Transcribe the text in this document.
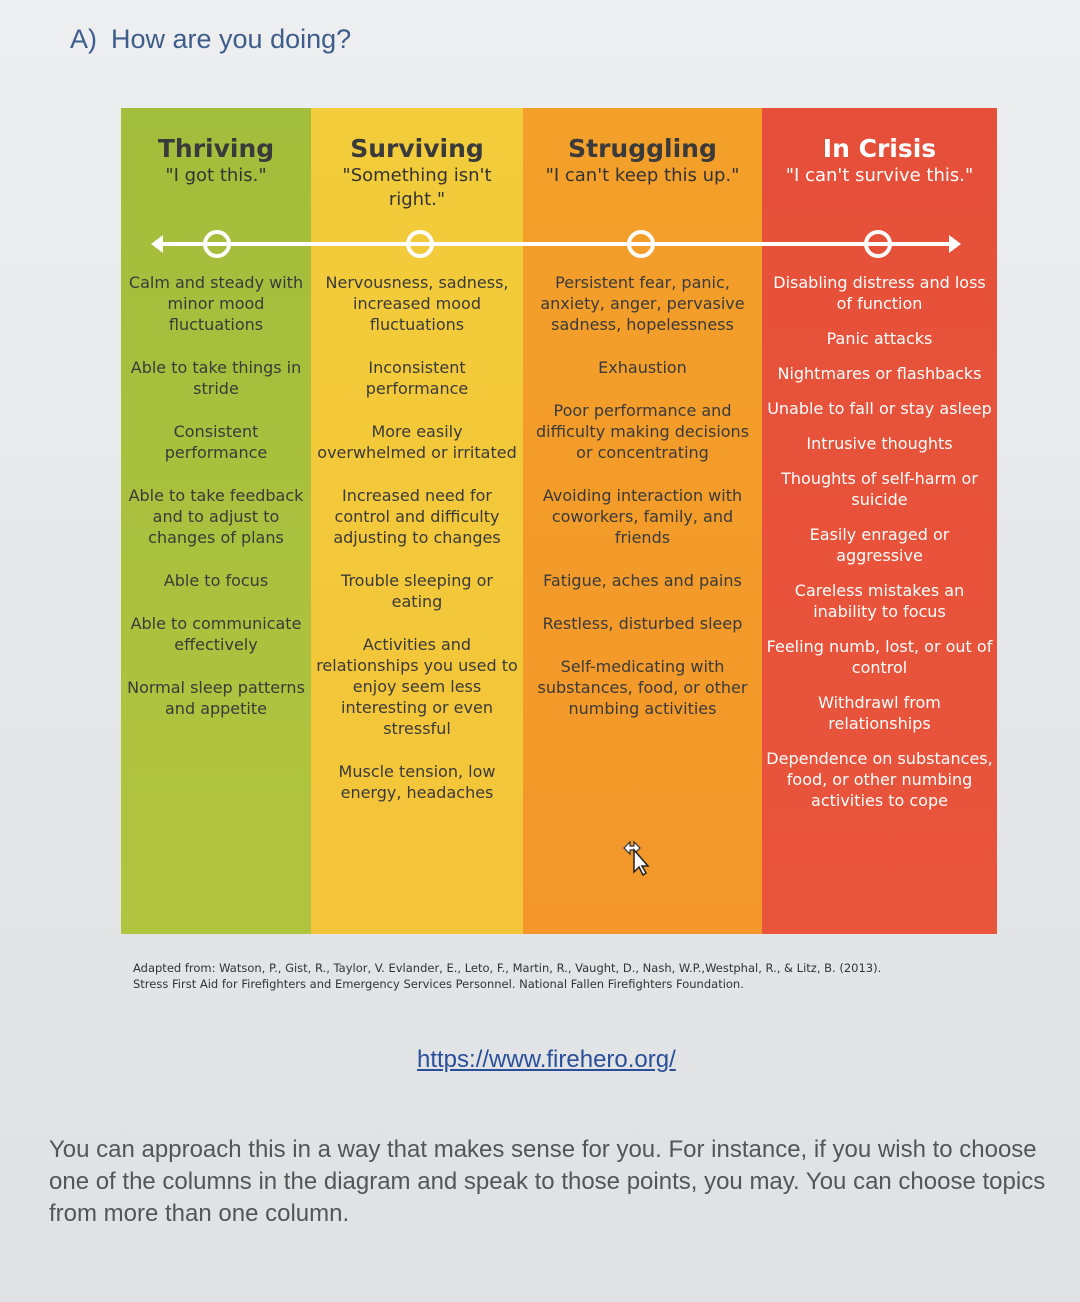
A) How are you doing?
Thriving
"I got this."
Calm and steady with minor mood fluctuations
Able to take things in stride
Consistent performance
Able to take feedback and to adjust to changes of plans
Able to focus
Able to communicate effectively
Normal sleep patterns and appetite
Surviving
"Something isn't right."
Nervousness, sadness, increased mood fluctuations
Inconsistent performance
More easily overwhelmed or irritated
Increased need for control and difficulty adjusting to changes
Trouble sleeping or eating
Activities and relationships you used to enjoy seem less interesting or even stressful
Muscle tension, low energy, headaches
Struggling
"I can't keep this up."
Persistent fear, panic, anxiety, anger, pervasive sadness, hopelessness
Exhaustion
Poor performance and difficulty making decisions or concentrating
Avoiding interaction with coworkers, family, and friends
Fatigue, aches and pains
Restless, disturbed sleep
Self-medicating with substances, food, or other numbing activities
In Crisis
"I can't survive this."
Disabling distress and loss of function
Panic attacks
Nightmares or flashbacks
Unable to fall or stay asleep
Intrusive thoughts
Thoughts of self-harm or suicide
Easily enraged or aggressive
Careless mistakes an inability to focus
Feeling numb, lost, or out of control
Withdrawl from relationships
Dependence on substances, food, or other numbing activities to cope
Adapted from: Watson, P., Gist, R., Taylor, V. Evlander, E., Leto, F., Martin, R., Vaught, D., Nash, W.P.,Westphal, R., & Litz, B. (2013).
Stress First Aid for Firefighters and Emergency Services Personnel. National Fallen Firefighters Foundation.
https://www.firehero.org/
You can approach this in a way that makes sense for you. For instance, if you wish to choose one of the columns in the diagram and speak to those points, you may. You can choose topics from more than one column.
